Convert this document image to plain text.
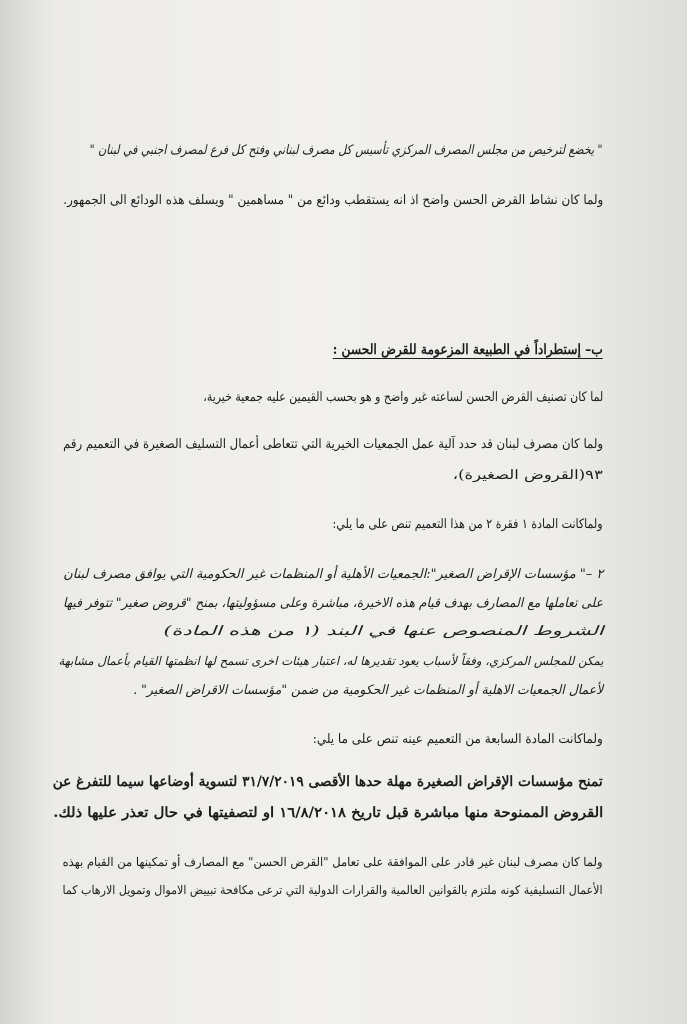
" يخضع لترخيص من مجلس المصرف المركزي تأسيس كل مصرف لبناني وفتح كل فرع لمصرف اجنبي في لبنان "
ولما كان نشاط القرض الحسن واضح اذ انه يستقطب ودائع من " مساهمين " ويسلف هذه الودائع الى الجمهور.
ب– إستطراداً في الطبيعة المزعومة للقرض الحسن :
لما كان تصنيف القرض الحسن لساعته غير واضح و هو بحسب القيمين عليه جمعية خيرية،
ولما كان مصرف لبنان قد حدد آلية عمل الجمعيات الخيرية التي تتعاطى أعمال التسليف الصغيرة في التعميم رقم
٩٣(القروض الصغيرة)،
ولماكانت المادة ١ فقرة ٢ من هذا التعميم تنص على ما يلي:
٢ –" مؤسسات الإقراض الصغير":الجمعيات الأهلية أو المنظمات غير الحكومية التي يوافق مصرف لبنان
على تعاملها مع المصارف بهدف قيام هذه الاخيرة، مباشرة وعلى مسؤوليتها، بمنح "قروض صغير" تتوفر فيها
الشروط المنصوص عنها في البند (١ من هذه المادة)
يمكن للمجلس المركزي، وفقاً لأسباب يعود تقديرها له، اعتبار هيئات اخرى تسمح لها انظمتها القيام بأعمال مشابهة
لأعمال الجمعيات الاهلية أو المنظمات غير الحكومية من ضمن "مؤسسات الاقراض الصغير" .
ولماكانت المادة السابعة من التعميم عينه تنص على ما يلي:
تمنح مؤسسات الإقراض الصغيرة مهلة حدها الأقصى ٣١/٧/٢٠١٩ لتسوية أوضاعها سيما للتفرغ عن
القروض الممنوحة منها مباشرة قبل تاريخ ١٦/٨/٢٠١٨ او لتصفيتها في حال تعذر عليها ذلك.
ولما كان مصرف لبنان غير قادر على الموافقة على تعامل "القرض الحسن" مع المصارف أو تمكينها من القيام بهذه
الأعمال التسليفية كونه ملتزم بالقوانين العالمية والقرارات الدولية التي ترعى مكافحة تبييض الاموال وتمويل الارهاب كما
